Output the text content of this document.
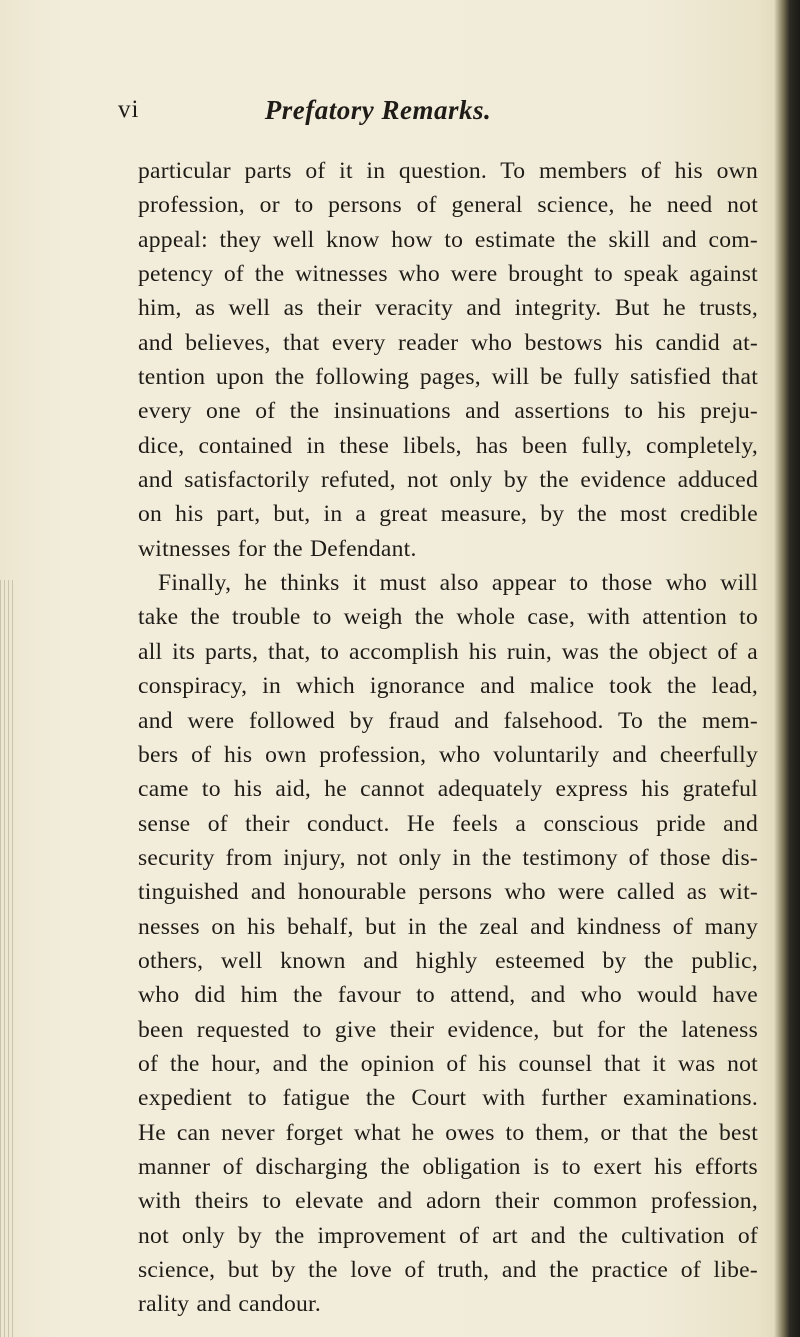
vi	Prefatory Remarks.
particular parts of it in question. To members of his own
profession, or to persons of general science, he need not
appeal: they well know how to estimate the skill and com-
petency of the witnesses who were brought to speak against
him, as well as their veracity and integrity. But he trusts,
and believes, that every reader who bestows his candid at-
tention upon the following pages, will be fully satisfied that
every one of the insinuations and assertions to his preju-
dice, contained in these libels, has been fully, completely,
and satisfactorily refuted, not only by the evidence adduced
on his part, but, in a great measure, by the most credible
witnesses for the Defendant.
Finally, he thinks it must also appear to those who will
take the trouble to weigh the whole case, with attention to
all its parts, that, to accomplish his ruin, was the object of a
conspiracy, in which ignorance and malice took the lead,
and were followed by fraud and falsehood. To the mem-
bers of his own profession, who voluntarily and cheerfully
came to his aid, he cannot adequately express his grateful
sense of their conduct. He feels a conscious pride and
security from injury, not only in the testimony of those dis-
tinguished and honourable persons who were called as wit-
nesses on his behalf, but in the zeal and kindness of many
others, well known and highly esteemed by the public,
who did him the favour to attend, and who would have
been requested to give their evidence, but for the lateness
of the hour, and the opinion of his counsel that it was not
expedient to fatigue the Court with further examinations.
He can never forget what he owes to them, or that the best
manner of discharging the obligation is to exert his efforts
with theirs to elevate and adorn their common profession,
not only by the improvement of art and the cultivation of
science, but by the love of truth, and the practice of libe-
rality and candour.
